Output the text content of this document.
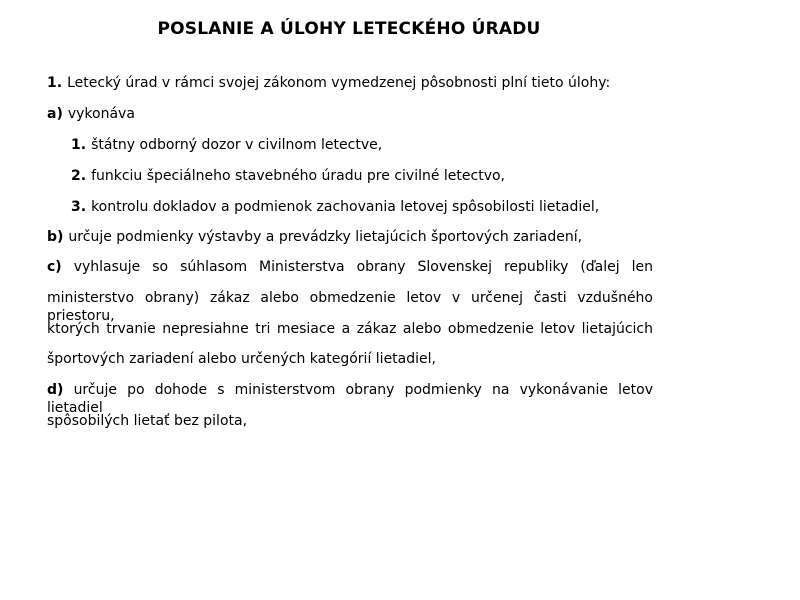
POSLANIE A ÚLOHY LETECKÉHO ÚRADU
1. Letecký úrad v rámci svojej zákonom vymedzenej pôsobnosti plní tieto úlohy:
a) vykonáva
1. štátny odborný dozor v civilnom letectve,
2. funkciu špeciálneho stavebného úradu pre civilné letectvo,
3. kontrolu dokladov a podmienok zachovania letovej spôsobilosti lietadiel,
b) určuje podmienky výstavby a prevádzky lietajúcich športových zariadení,
c) vyhlasuje so súhlasom Ministerstva obrany Slovenskej republiky (ďalej len
ministerstvo obrany) zákaz alebo obmedzenie letov v určenej časti vzdušného priestoru,
ktorých trvanie nepresiahne tri mesiace a zákaz alebo obmedzenie letov lietajúcich
športových zariadení alebo určených kategórií lietadiel,
d) určuje po dohode s ministerstvom obrany podmienky na vykonávanie letov lietadiel
spôsobilých lietať bez pilota,
